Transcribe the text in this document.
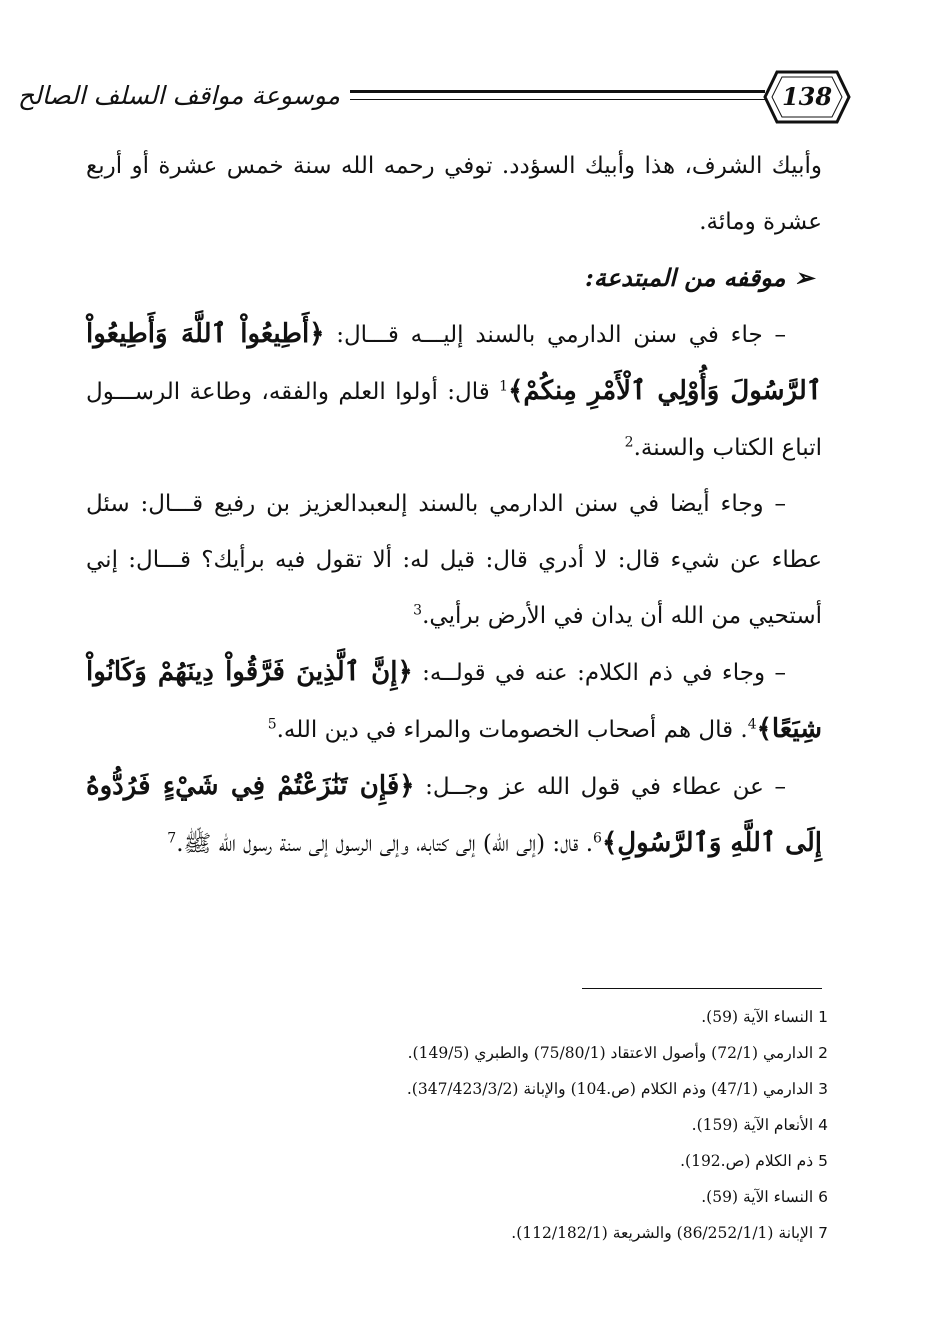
موسوعة مواقف السلف الصالح	138

وأبيك الشرف، هذا وأبيك السؤدد. توفي رحمه الله سنة خمس عشرة أو أربع عشرة ومائة.

➢ موقفه من المبتدعة:

– جاء في سنن الدارمي بالسند إليـــه قـــال: ﴿أَطِيعُواْ ٱللَّهَ وَأَطِيعُواْ ٱلرَّسُولَ وَأُوْلِي ٱلْأَمْرِ مِنكُمْ﴾$^1$ قال: أولوا العلم والفقه، وطاعة الرســـول اتباع الكتاب والسنة.$^2$

– وجاء أيضا في سنن الدارمي بالسند إلىعبدالعزيز بن رفيع قـــال: سئل عطاء عن شيء قال: لا أدري قال: قيل له: ألا تقول فيه برأيك؟ قـــال: إني أستحيي من الله أن يدان في الأرض برأيي.$^3$

– وجاء في ذم الكلام: عنه في قولــه: ﴿إِنَّ ٱلَّذِينَ فَرَّقُواْ دِينَهُمْ وَكَانُواْ شِيَعًا﴾$^4$. قال هم أصحاب الخصومات والمراء في دين الله.$^5$

– عن عطاء في قول الله عز وجــل: ﴿فَإِن تَنَٰزَعْتُمْ فِي شَيْءٍ فَرُدُّوهُ إِلَى ٱللَّهِ وَٱلرَّسُولِ﴾$^6$. قال: (إلى الله) إلى كتابه، وإلى الرسول إلى سنة رسول الله ﷺ.$^7$

1 النساء الآية (59).
2 الدارمي (72/1) وأصول الاعتقاد (75/80/1) والطبري (149/5).
3 الدارمي (47/1) وذم الكلام (ص.104) والإبانة (347/423/3/2).
4 الأنعام الآية (159).
5 ذم الكلام (ص.192).
6 النساء الآية (59).
7 الإبانة (86/252/1/1) والشريعة (112/182/1).
